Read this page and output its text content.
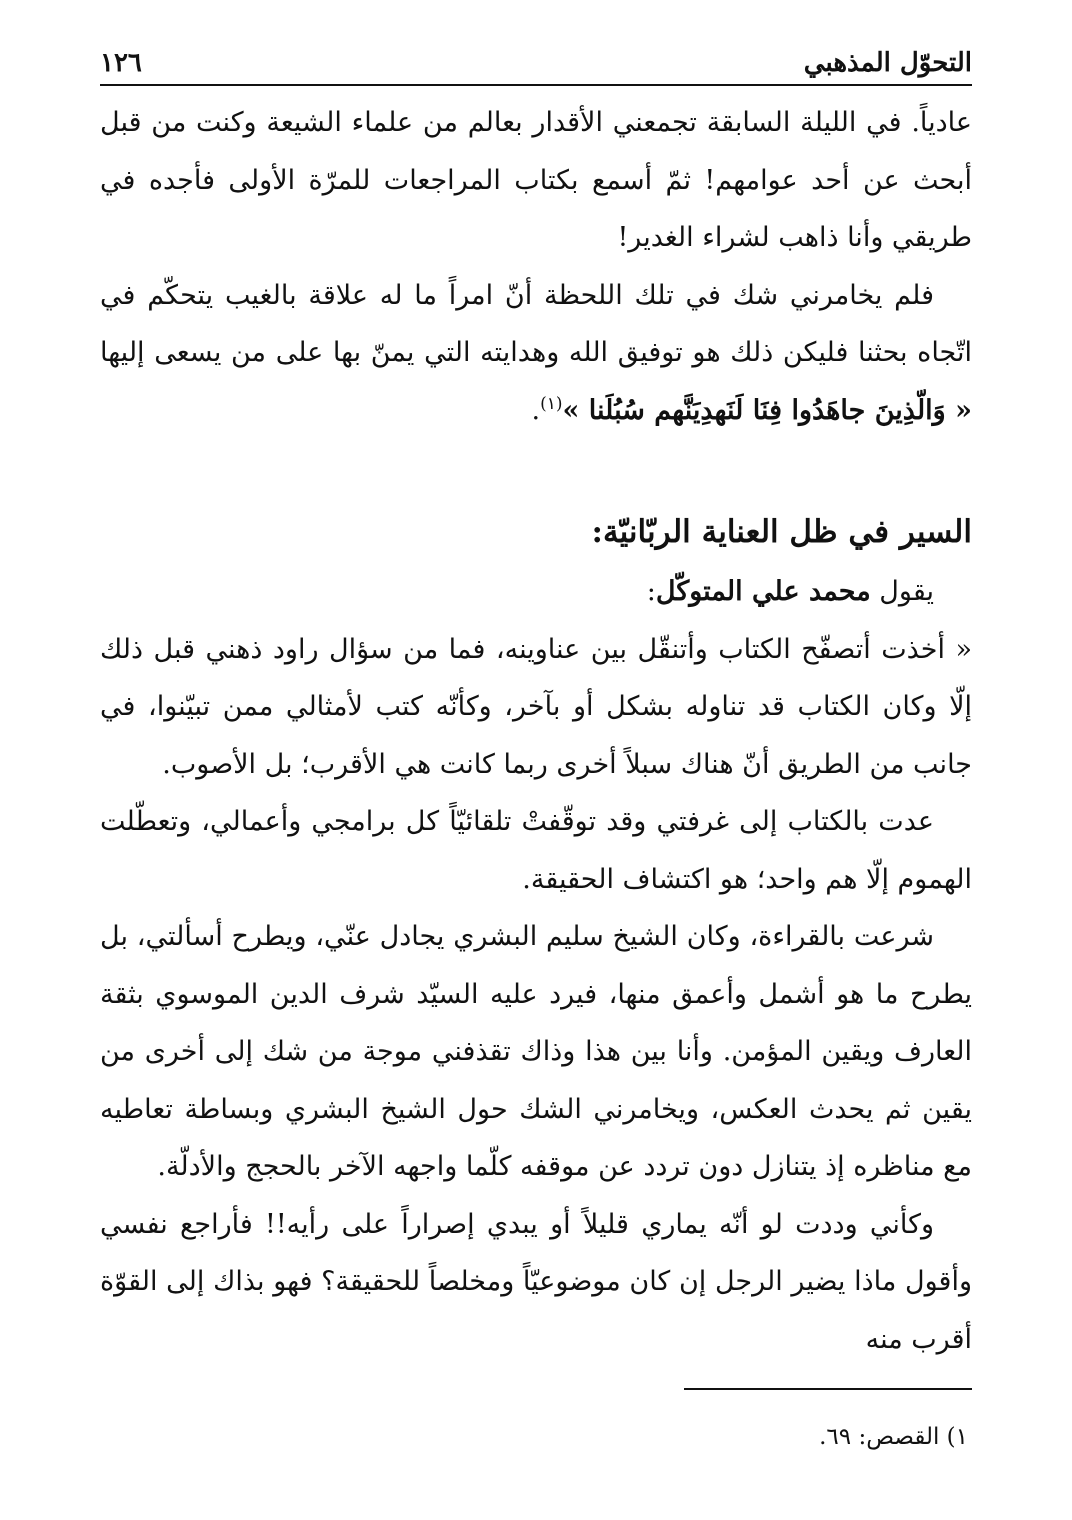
التحوّل المذهبي
١٢٦

عادياً. في الليلة السابقة تجمعني الأقدار بعالم من علماء الشيعة وكنت من قبل أبحث عن أحد عوامهم! ثمّ أسمع بكتاب المراجعات للمرّة الأولى فأجده في طريقي وأنا ذاهب لشراء الغدير!

فلم يخامرني شك في تلك اللحظة أنّ امراً ما له علاقة بالغيب يتحكّم في اتّجاه بحثنا فليكن ذلك هو توفيق الله وهدايته التي يمنّ بها على من يسعى إليها « وَالّذِينَ جاهَدُوا فِنَا لَنَهدِيَنَّهم سُبُلَنا »$^{(١)}$.

السير في ظل العناية الربّانيّة:

يقول محمد علي المتوكّل:

« أخذت أتصفّح الكتاب وأتنقّل بين عناوينه، فما من سؤال راود ذهني قبل ذلك إلّا وكان الكتاب قد تناوله بشكل أو بآخر، وكأنّه كتب لأمثالي ممن تبيّنوا، في جانب من الطريق أنّ هناك سبلاً أخرى ربما كانت هي الأقرب؛ بل الأصوب.

عدت بالكتاب إلى غرفتي وقد توقّفتْ تلقائيّاً كل برامجي وأعمالي، وتعطّلت الهموم إلّا هم واحد؛ هو اكتشاف الحقيقة.

شرعت بالقراءة، وكان الشيخ سليم البشري يجادل عنّي، ويطرح أسألتي، بل يطرح ما هو أشمل وأعمق منها، فيرد عليه السيّد شرف الدين الموسوي بثقة العارف ويقين المؤمن. وأنا بين هذا وذاك تقذفني موجة من شك إلى أخرى من يقين ثم يحدث العكس، ويخامرني الشك حول الشيخ البشري وبساطة تعاطيه مع مناظره إذ يتنازل دون تردد عن موقفه كلّما واجهه الآخر بالحجج والأدلّة.

وكأني وددت لو أنّه يماري قليلاً أو يبدي إصراراً على رأيه!! فأراجع نفسي وأقول ماذا يضير الرجل إن كان موضوعيّاً ومخلصاً للحقيقة؟ فهو بذاك إلى القوّة أقرب منه

١) القصص: ٦٩.
